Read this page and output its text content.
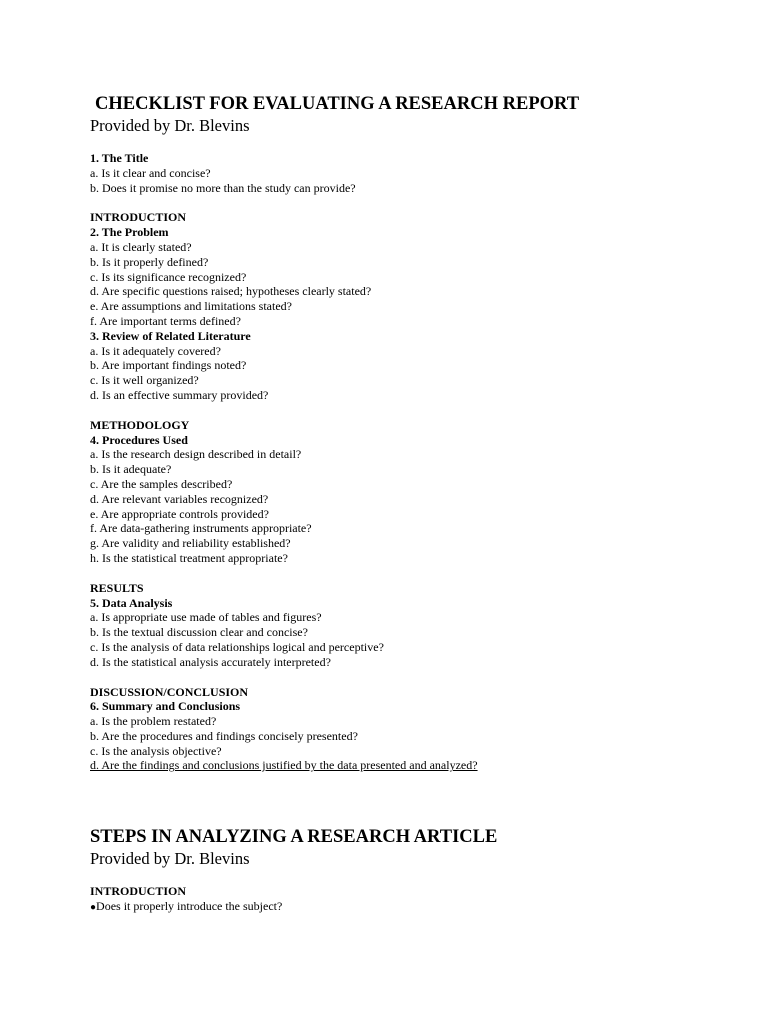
CHECKLIST FOR EVALUATING A RESEARCH REPORT

Provided by Dr. Blevins

1. The Title

a. Is it clear and concise?

b. Does it promise no more than the study can provide?

INTRODUCTION

2. The Problem

a. It is clearly stated?

b. Is it properly defined?

c. Is its significance recognized?

d. Are specific questions raised; hypotheses clearly stated?

e. Are assumptions and limitations stated?

f. Are important terms defined?

3. Review of Related Literature

a. Is it adequately covered?

b. Are important findings noted?

c. Is it well organized?

d. Is an effective summary provided?

METHODOLOGY

4. Procedures Used

a. Is the research design described in detail?

b. Is it adequate?

c. Are the samples described?

d. Are relevant variables recognized?

e. Are appropriate controls provided?

f. Are data-gathering instruments appropriate?

g. Are validity and reliability established?

h. Is the statistical treatment appropriate?

RESULTS

5. Data Analysis

a. Is appropriate use made of tables and figures?

b. Is the textual discussion clear and concise?

c. Is the analysis of data relationships logical and perceptive?

d. Is the statistical analysis accurately interpreted?

DISCUSSION/CONCLUSION

6. Summary and Conclusions

a. Is the problem restated?

b. Are the procedures and findings concisely presented?

c. Is the analysis objective?

d. Are the findings and conclusions justified by the data presented and analyzed?

STEPS IN ANALYZING A RESEARCH ARTICLE

Provided by Dr. Blevins

INTRODUCTION

●Does it properly introduce the subject?
